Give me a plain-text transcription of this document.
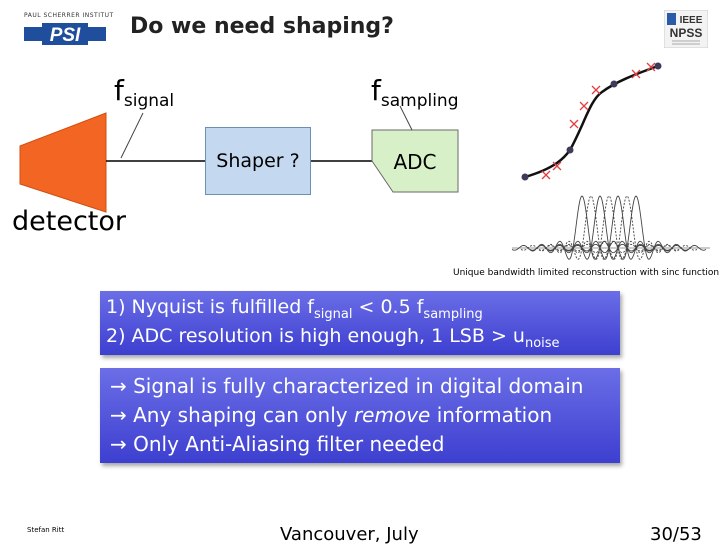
PAUL SCHERRER INSTITUT
PSI Do we need shaping?	IEEE
NPSS
$f_{signal}$	$f_{sampling}$
Shaper ?	ADC
detector
Unique bandwidth limited reconstruction with sinc function
1) Nyquist is fulfilled $f_{signal} < 0.5$ $f_{sampling}$
2) ADC resolution is high enough, 1 LSB > $u_{noise}$
→ Signal is fully characterized in digital domain
→ Any shaping can only remove information
→ Only Anti-Aliasing filter needed
Stefan Ritt	Vancouver, July	30/53
